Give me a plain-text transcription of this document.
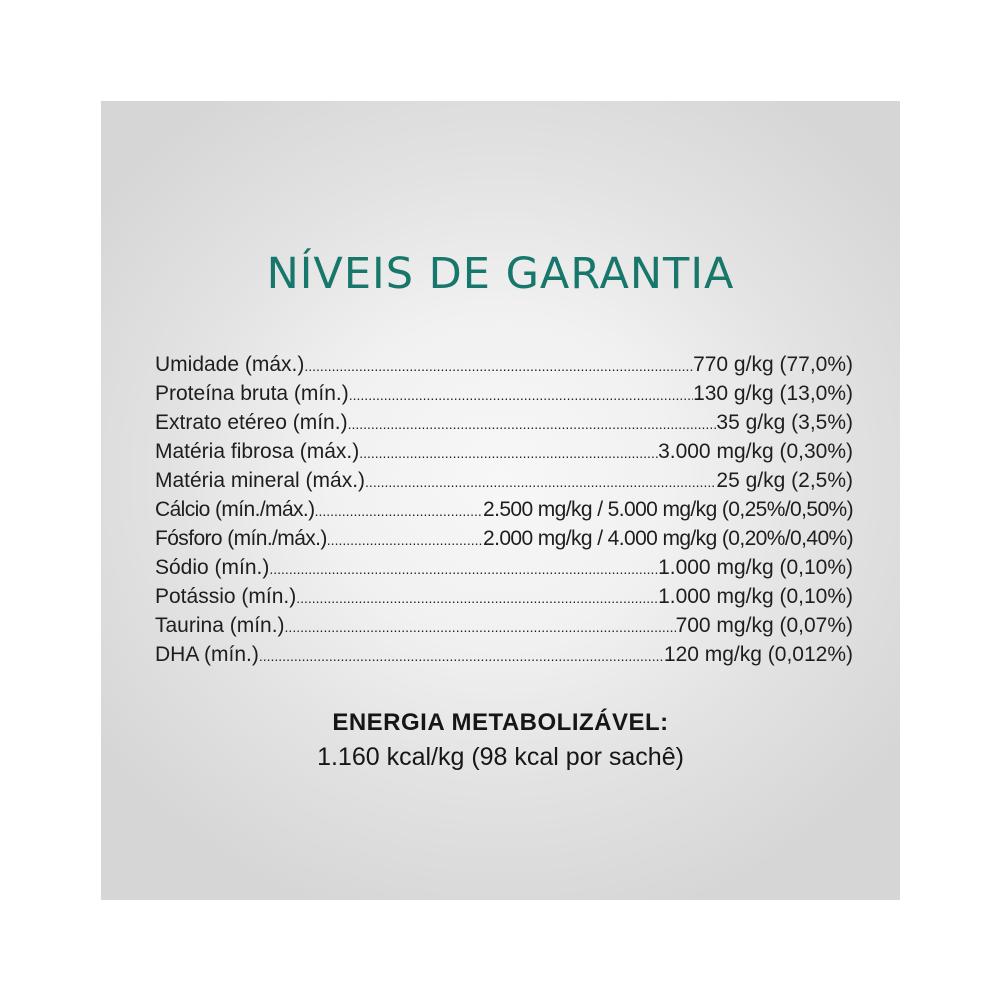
NÍVEIS DE GARANTIA
Umidade (máx.) .....	770 g/kg (77,0%)
Proteína bruta (mín.) .....	130 g/kg (13,0%)
Extrato etéreo (mín.) .....	35 g/kg (3,5%)
Matéria fibrosa (máx.) .....	3.000 mg/kg (0,30%)
Matéria mineral (máx.) .....	25 g/kg (2,5%)
Cálcio (mín./máx.) .....	2.500 mg/kg / 5.000 mg/kg (0,25%/0,50%)
Fósforo (mín./máx.) .....	2.000 mg/kg / 4.000 mg/kg (0,20%/0,40%)
Sódio (mín.) .....	1.000 mg/kg (0,10%)
Potássio (mín.) .....	1.000 mg/kg (0,10%)
Taurina (mín.) .....	700 mg/kg (0,07%)
DHA (mín.) .....	120 mg/kg (0,012%)
ENERGIA METABOLIZÁVEL:
1.160 kcal/kg (98 kcal por sachê)
